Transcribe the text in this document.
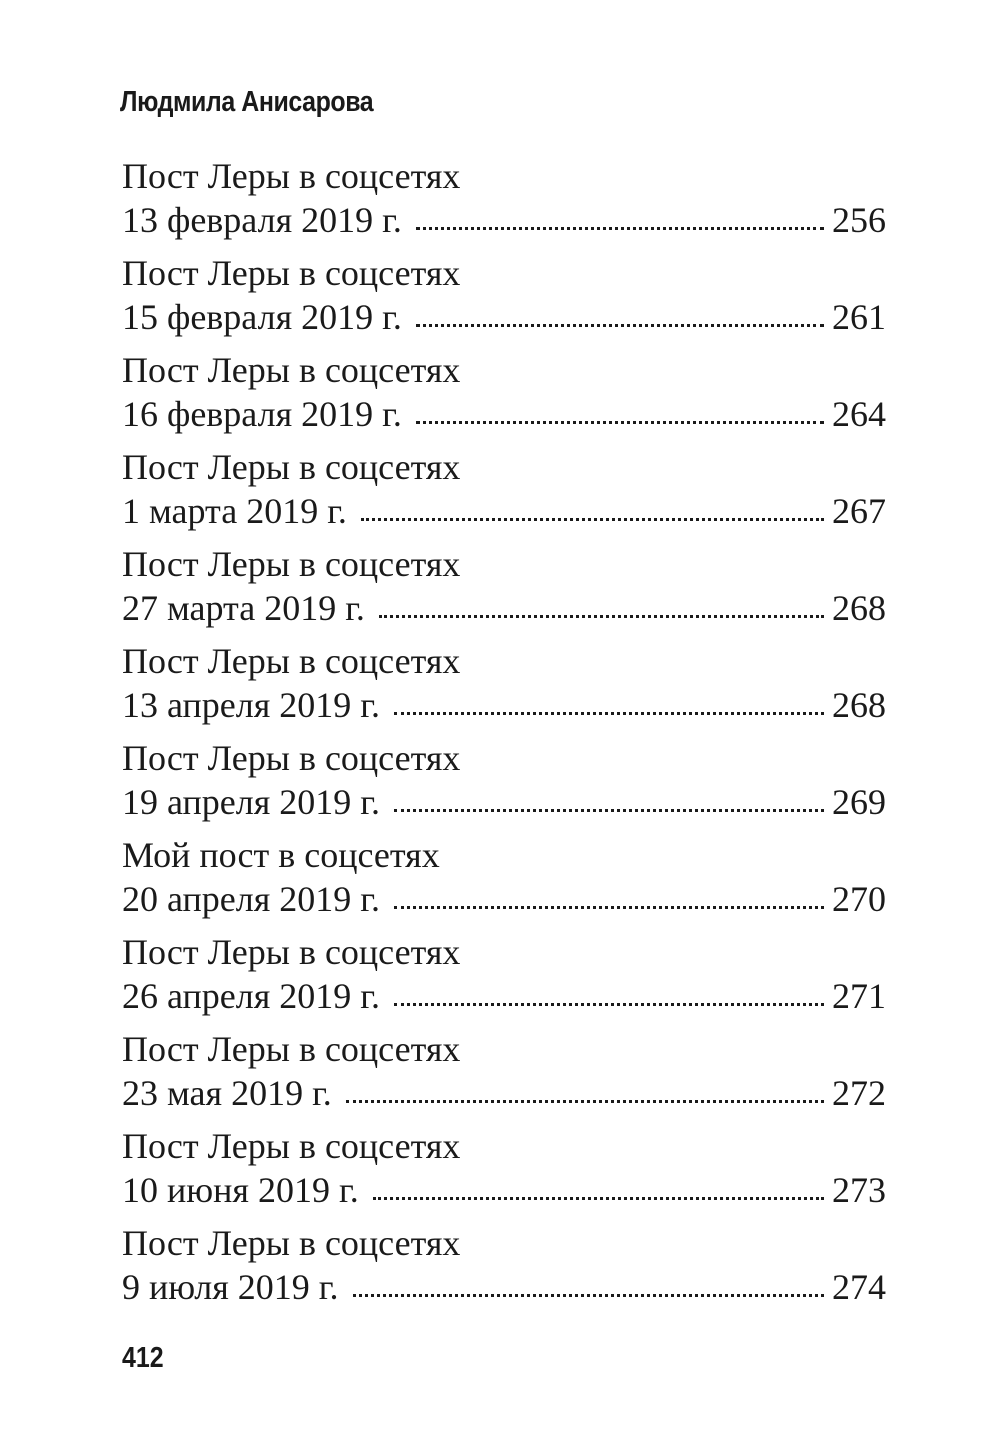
Людмила Анисарова
Пост Леры в соцсетях
13 февраля 2019 г.	256
Пост Леры в соцсетях
15 февраля 2019 г.	261
Пост Леры в соцсетях
16 февраля 2019 г.	264
Пост Леры в соцсетях
1 марта 2019 г.	267
Пост Леры в соцсетях
27 марта 2019 г.	268
Пост Леры в соцсетях
13 апреля 2019 г.	268
Пост Леры в соцсетях
19 апреля 2019 г.	269
Мой пост в соцсетях
20 апреля 2019 г.	270
Пост Леры в соцсетях
26 апреля 2019 г.	271
Пост Леры в соцсетях
23 мая 2019 г.	272
Пост Леры в соцсетях
10 июня 2019 г.	273
Пост Леры в соцсетях
9 июля 2019 г.	274
412
